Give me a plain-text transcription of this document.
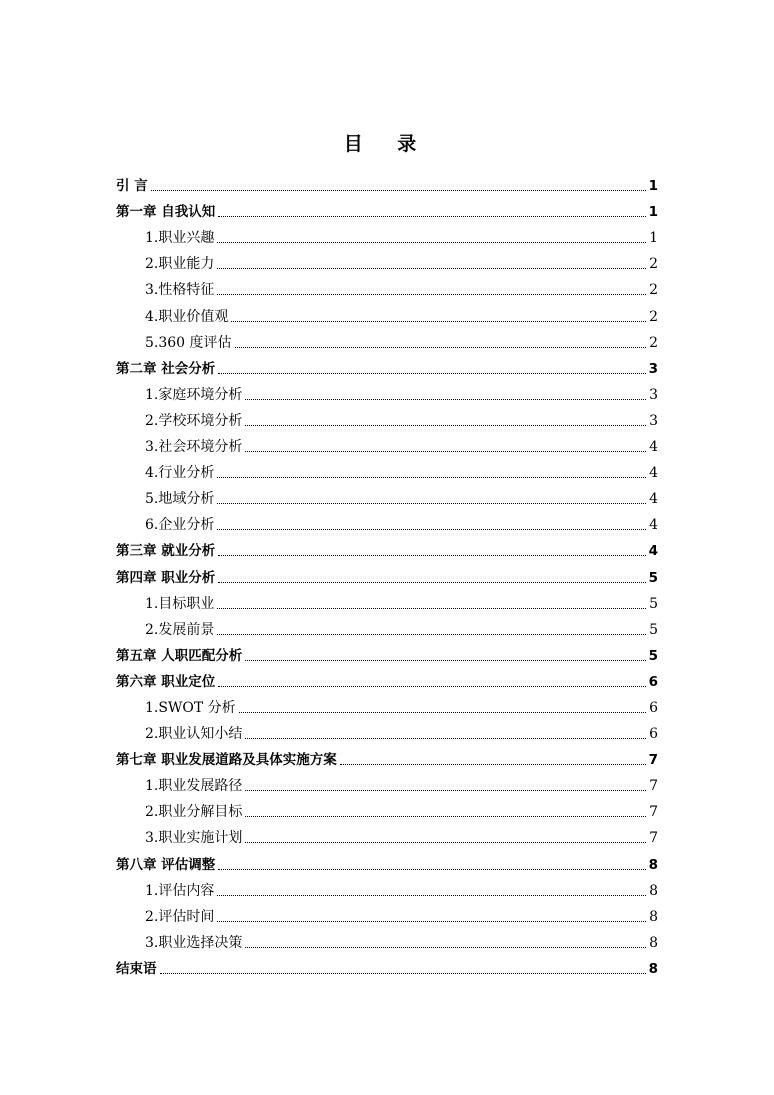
目 录
引 言	1
第一章 自我认知	1
1.职业兴趣	1
2.职业能力	2
3.性格特征	2
4.职业价值观	2
5.360 度评估	2
第二章 社会分析	3
1.家庭环境分析	3
2.学校环境分析	3
3.社会环境分析	4
4.行业分析	4
5.地域分析	4
6.企业分析	4
第三章 就业分析	4
第四章 职业分析	5
1.目标职业	5
2.发展前景	5
第五章 人职匹配分析	5
第六章 职业定位	6
1.SWOT 分析	6
2.职业认知小结	6
第七章 职业发展道路及具体实施方案	7
1.职业发展路径	7
2.职业分解目标	7
3.职业实施计划	7
第八章 评估调整	8
1.评估内容	8
2.评估时间	8
3.职业选择决策	8
结束语	8
